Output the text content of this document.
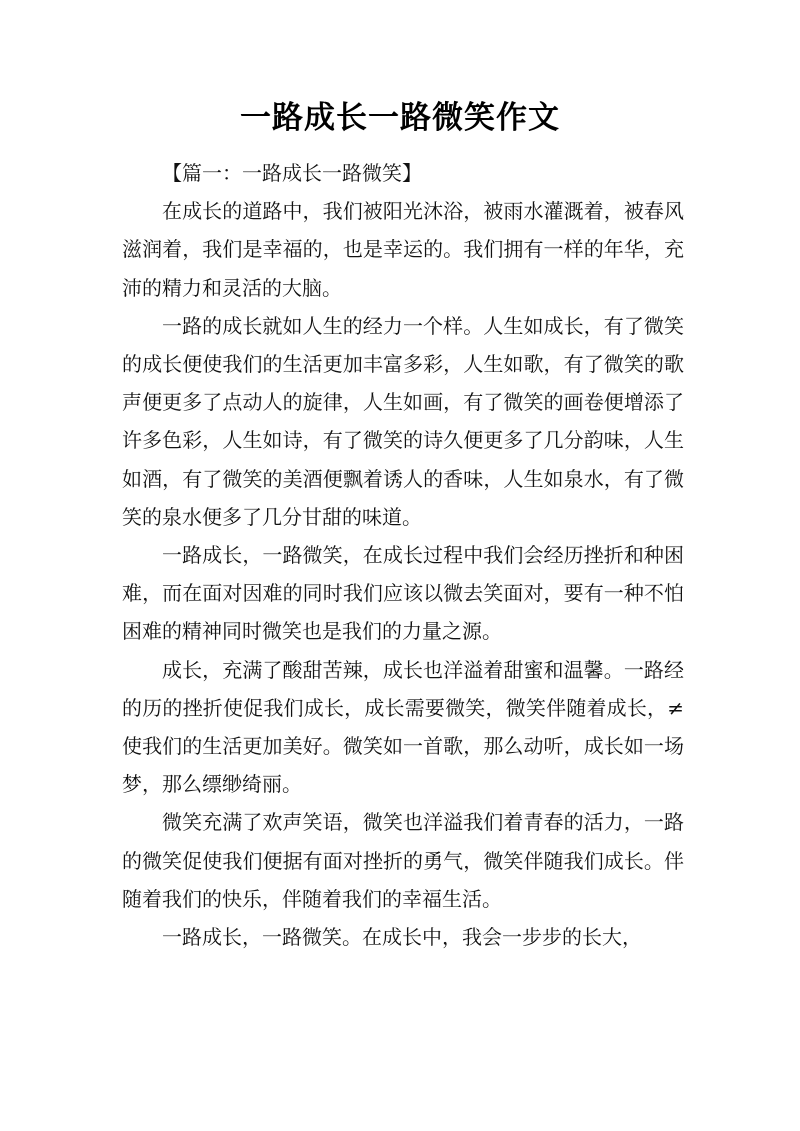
一路成长一路微笑作文

【篇一：一路成长一路微笑】

在成长的道路中，我们被阳光沐浴，被雨水灌溉着，被春风滋润着，我们是幸福的，也是幸运的。我们拥有一样的年华，充沛的精力和灵活的大脑。

一路的成长就如人生的经力一个样。人生如成长，有了微笑的成长便使我们的生活更加丰富多彩，人生如歌，有了微笑的歌声便更多了点动人的旋律，人生如画，有了微笑的画卷便增添了许多色彩，人生如诗，有了微笑的诗久便更多了几分韵味，人生如酒，有了微笑的美酒便飘着诱人的香味，人生如泉水，有了微笑的泉水便多了几分甘甜的味道。

一路成长，一路微笑，在成长过程中我们会经历挫折和种困难，而在面对因难的同时我们应该以微去笑面对，要有一种不怕困难的精神同时微笑也是我们的力量之源。

成长，充满了酸甜苦辣，成长也洋溢着甜蜜和温馨。一路经的历的挫折使促我们成长，成长需要微笑，微笑伴随着成长，≠使我们的生活更加美好。微笑如一首歌，那么动听，成长如一场梦，那么缥缈绮丽。

微笑充满了欢声笑语，微笑也洋溢我们着青春的活力，一路的微笑促使我们便据有面对挫折的勇气，微笑伴随我们成长。伴随着我们的快乐，伴随着我们的幸福生活。

一路成长，一路微笑。在成长中，我会一步步的长大，
